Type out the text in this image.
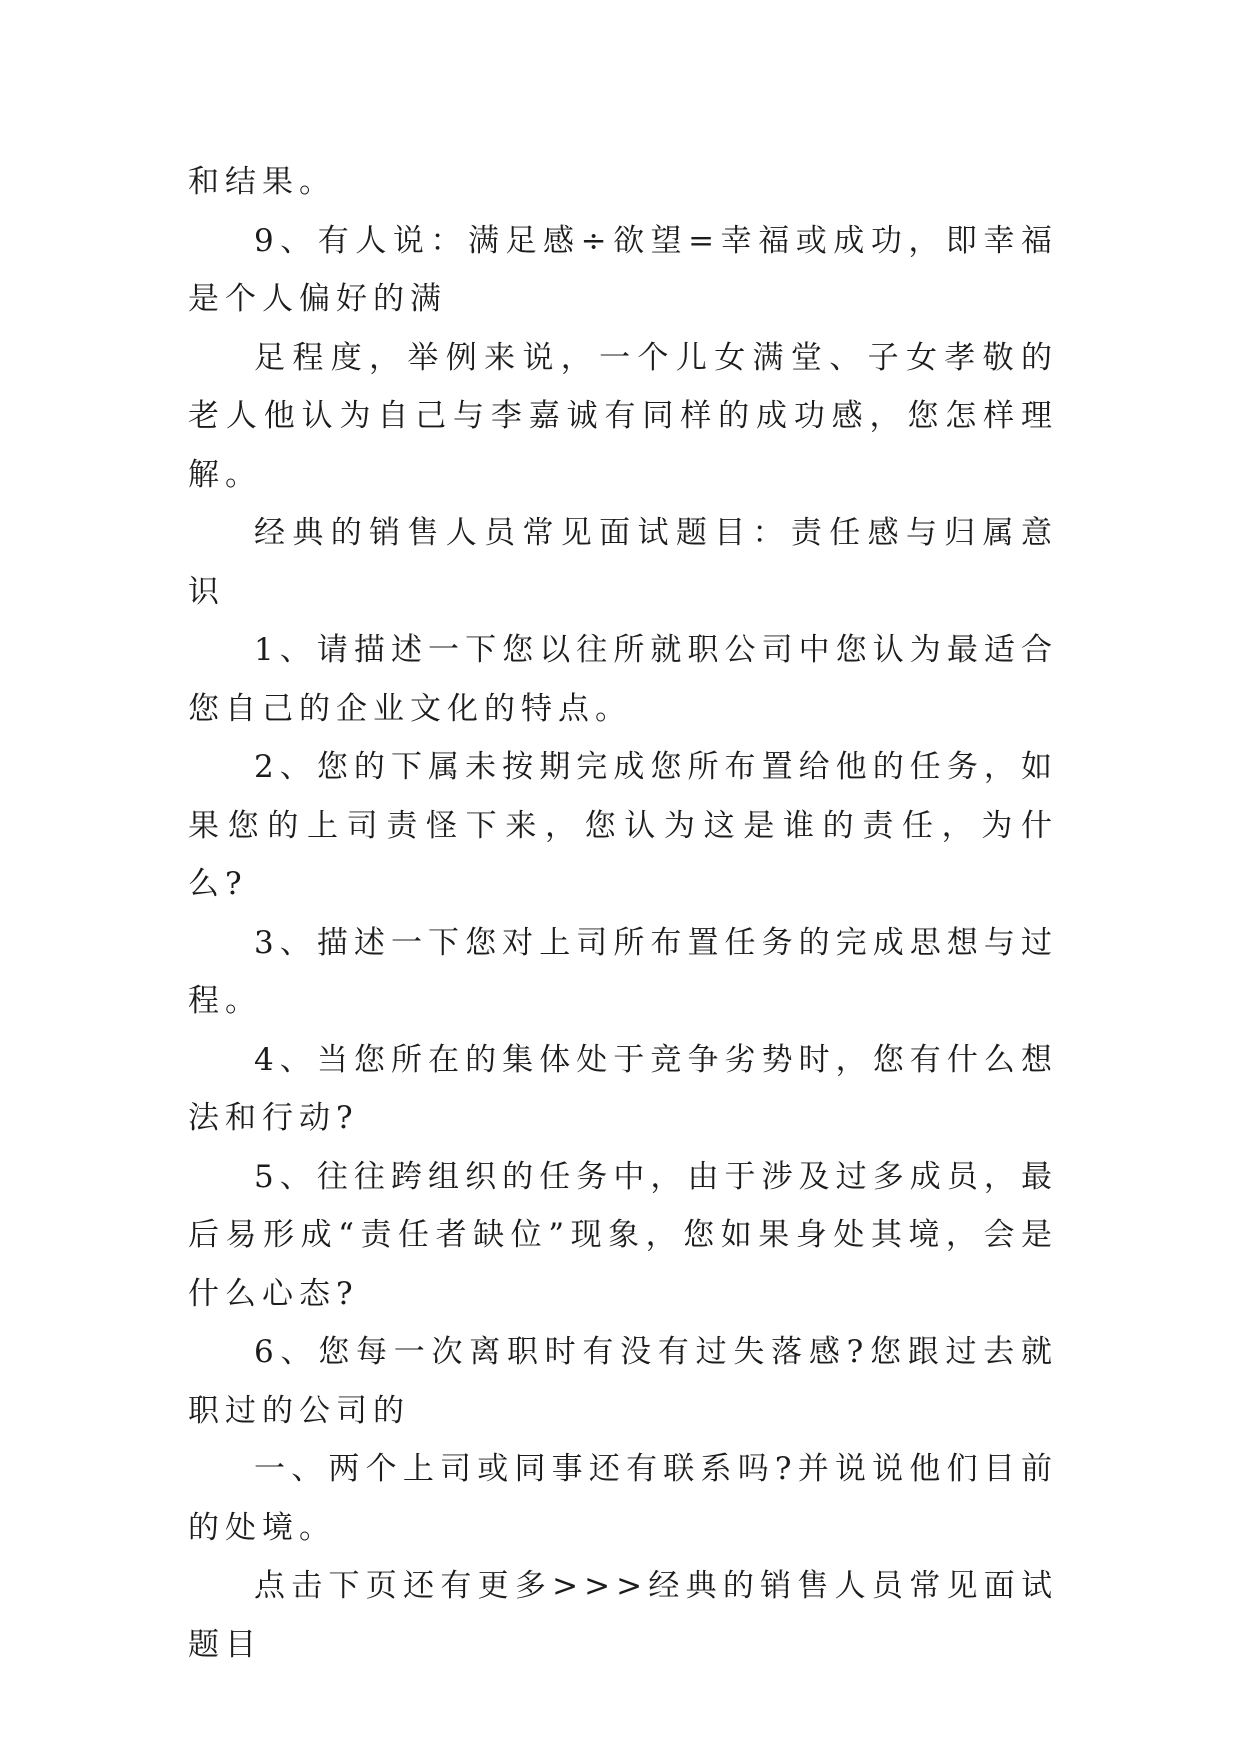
和结果。

9、有人说：满足感÷欲望=幸福或成功，即幸福是个人偏好的满

足程度，举例来说，一个儿女满堂、子女孝敬的老人他认为自己与李嘉诚有同样的成功感，您怎样理解。

经典的销售人员常见面试题目：责任感与归属意识

1、请描述一下您以往所就职公司中您认为最适合您自己的企业文化的特点。

2、您的下属未按期完成您所布置给他的任务，如果您的上司责怪下来，您认为这是谁的责任，为什么?

3、描述一下您对上司所布置任务的完成思想与过程。

4、当您所在的集体处于竞争劣势时，您有什么想法和行动?

5、往往跨组织的任务中，由于涉及过多成员，最后易形成“责任者缺位”现象，您如果身处其境，会是什么心态?

6、您每一次离职时有没有过失落感?您跟过去就职过的公司的

一、两个上司或同事还有联系吗?并说说他们目前的处境。

点击下页还有更多>>>经典的销售人员常见面试题目
